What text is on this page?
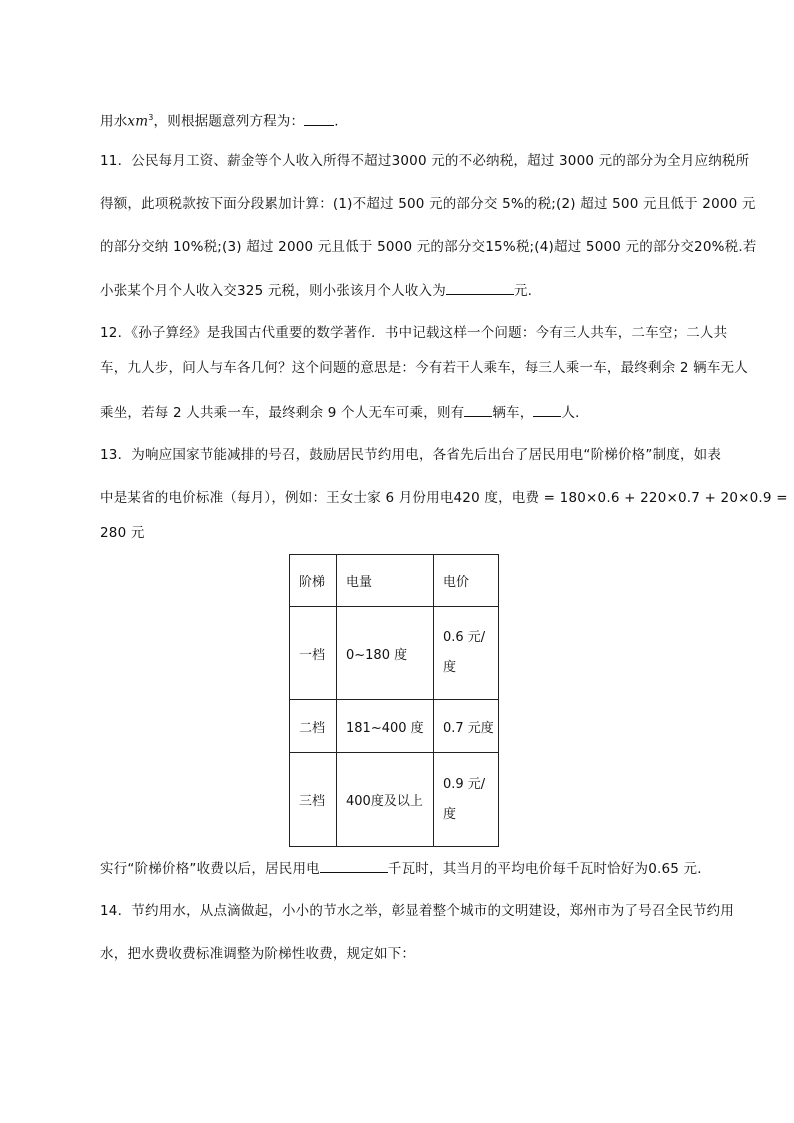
用水$xm^3$，则根据题意列方程为： .
11．公民每月工资、薪金等个人收入所得不超过3000 元的不必纳税，超过 3000 元的部分为全月应纳税所
得额，此项税款按下面分段累加计算：(1)不超过 500 元的部分交 5%的税;(2) 超过 500 元且低于 2000 元
的部分交纳 10%税;(3) 超过 2000 元且低于 5000 元的部分交15%税;(4)超过 5000 元的部分交20%税.若
小张某个月个人收入交325 元税，则小张该月个人收入为	元.
12．《孙子算经》是我国古代重要的数学著作．书中记载这样一个问题：今有三人共车，二车空；二人共
车，九人步，问人与车各几何？这个问题的意思是：今有若干人乘车，每三人乘一车，最终剩余 2 辆车无人
乘坐，若每 2 人共乘一车，最终剩余 9 个人无车可乘，则有 辆车， 人．
13．为响应国家节能减排的号召，鼓励居民节约用电，各省先后出台了居民用电“阶梯价格”制度，如表
中是某省的电价标准（每月），例如：王女士家 6 月份用电420 度，电费 = 180×0.6 + 220×0.7 + 20×0.9 =
280 元
阶梯	电量	电价
一档	0~180 度	0.6 元/
度

二档	181~400 度	0.7 元度
三档	400度及以上	0.9 元/
度
实行“阶梯价格”收费以后，居民用电	千瓦时，其当月的平均电价每千瓦时恰好为0.65 元．
14．节约用水，从点滴做起，小小的节水之举，彰显着整个城市的文明建设，郑州市为了号召全民节约用
水，把水费收费标准调整为阶梯性收费，规定如下：
